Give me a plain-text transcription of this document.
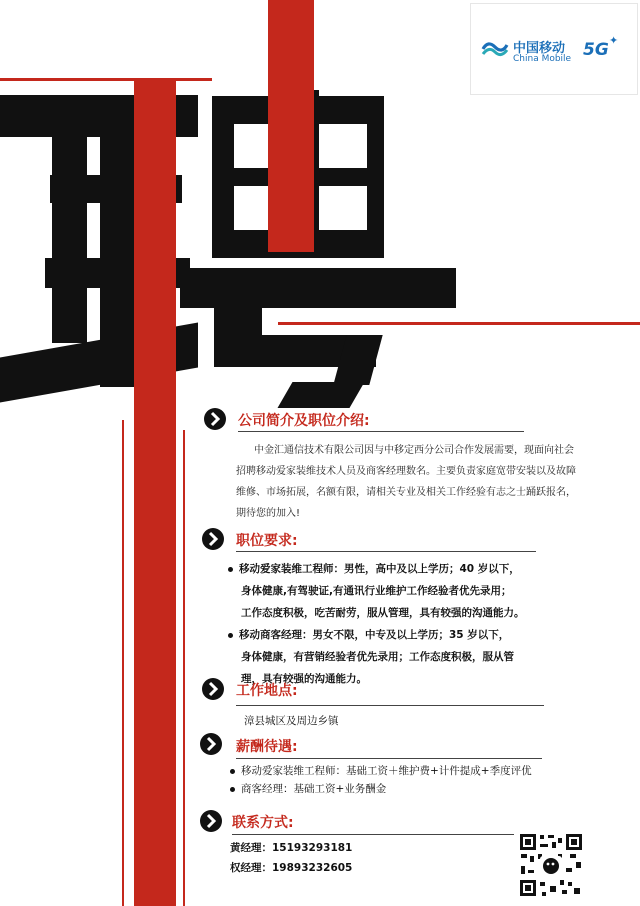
中国移动
China Mobile 5G ✦
公司简介及职位介绍:
中金汇通信技术有限公司因与中移定西分公司合作发展需要，现面向社会
招聘移动爱家装维技术人员及商客经理数名。主要负责家庭宽带安装以及故障
维修、市场拓展，名额有限，请相关专业及相关工作经验有志之士踊跃报名，
期待您的加入!
职位要求:
移动爱家装维工程师：男性，高中及以上学历；40 岁以下，
身体健康,有驾驶证,有通讯行业维护工作经验者优先录用；
工作态度积极，吃苦耐劳，服从管理，具有较强的沟通能力。
移动商客经理：男女不限，中专及以上学历；35 岁以下，
身体健康，有营销经验者优先录用；工作态度积极，服从管
理，具有较强的沟通能力。
工作地点:
漳县城区及周边乡镇
薪酬待遇:
移动爱家装维工程师：基础工资＋维护费+计件提成+季度评优
商客经理：基础工资+业务酬金
联系方式:
黄经理：15193293181
权经理：19893232605
